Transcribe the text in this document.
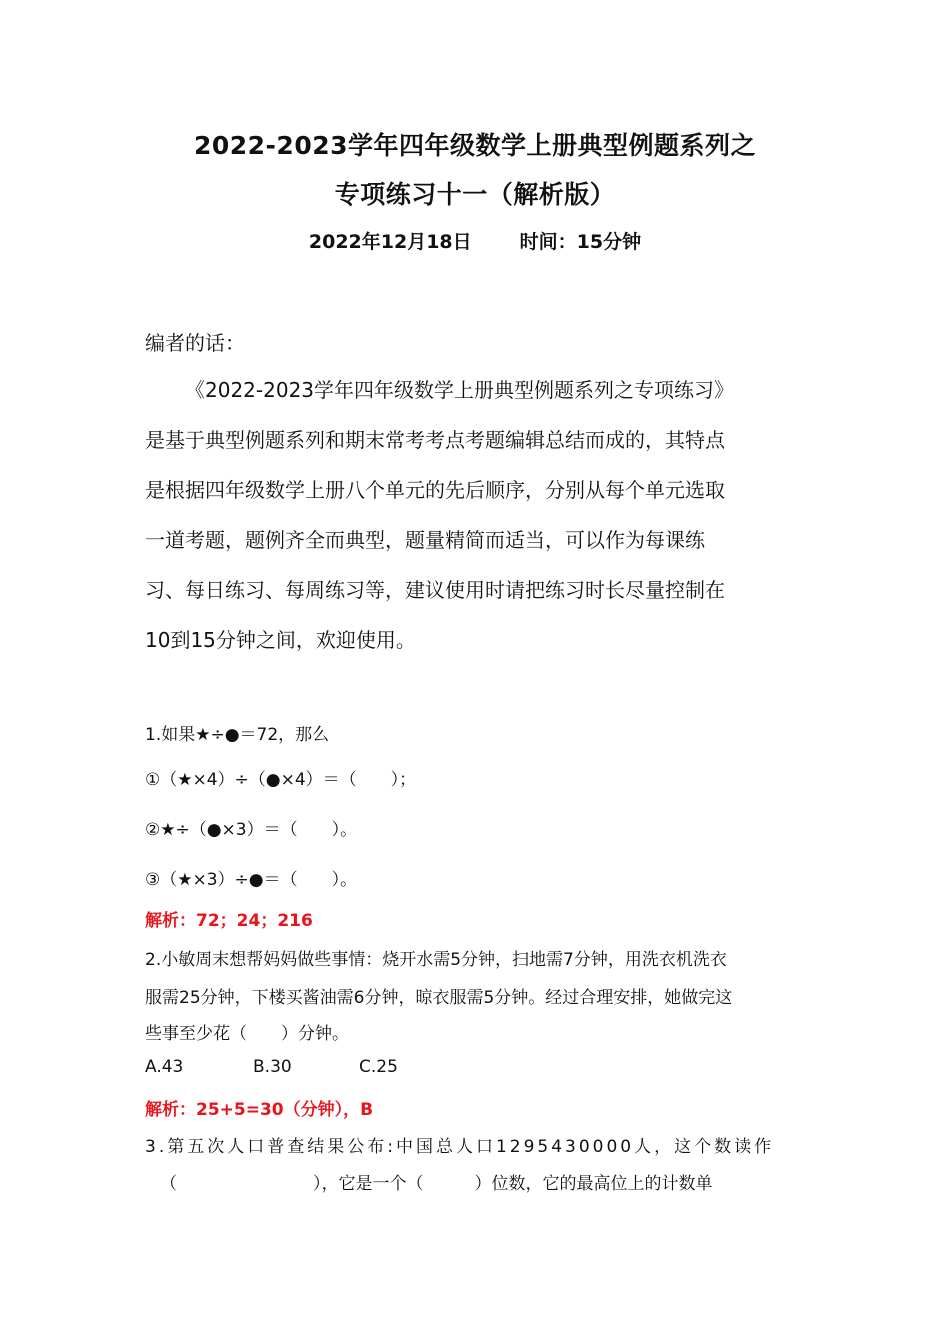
2022-2023学年四年级数学上册典型例题系列之
专项练习十一（解析版）
2022年12月18日	时间：15分钟
编者的话：
《2022-2023学年四年级数学上册典型例题系列之专项练习》
是基于典型例题系列和期末常考考点考题编辑总结而成的，其特点
是根据四年级数学上册八个单元的先后顺序，分别从每个单元选取
一道考题，题例齐全而典型，题量精简而适当，可以作为每课练
习、每日练习、每周练习等，建议使用时请把练习时长尽量控制在
10到15分钟之间，欢迎使用。
1.如果★÷●＝72，那么
①（★×4）÷（●×4）＝（　　）；
②★÷（●×3）＝（　　）。
③（★×3）÷●＝（　　）。
解析：72；24；216
2.小敏周末想帮妈妈做些事情：烧开水需5分钟，扫地需7分钟，用洗衣机洗衣
服需25分钟，下楼买酱油需6分钟，晾衣服需5分钟。经过合理安排，她做完这
些事至少花（　　）分钟。
A.43	B.30	C.25
解析：25+5=30（分钟），B
3.第五次人口普查结果公布:中国总人口1295430000人，这个数读作
（　　　　　　　　），它是一个（　　　）位数，它的最高位上的计数单
